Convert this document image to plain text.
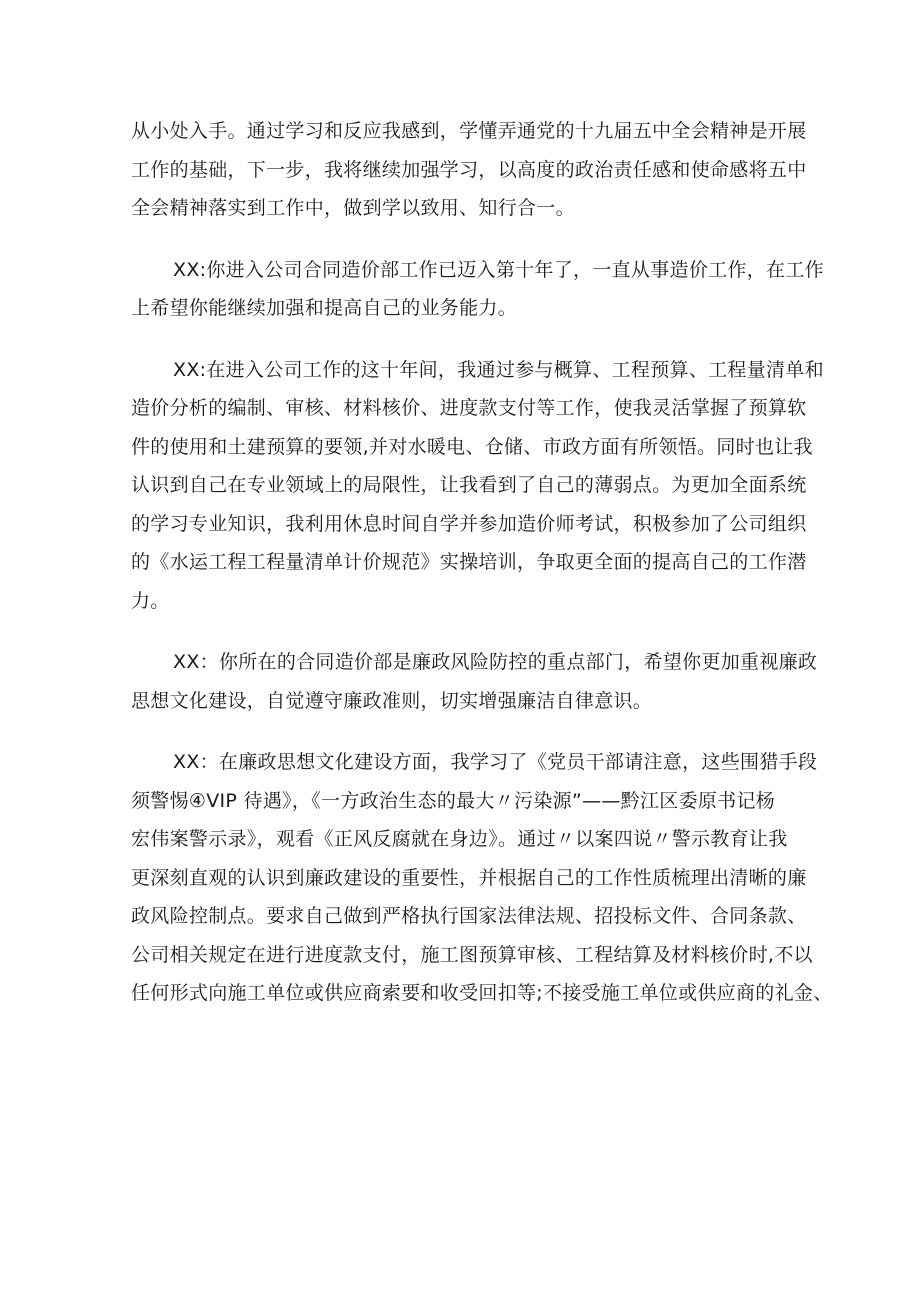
从小处入手。通过学习和反应我感到，学懂弄通党的十九届五中全会精神是开展
工作的基础，下一步，我将继续加强学习，以高度的政治责任感和使命感将五中
全会精神落实到工作中，做到学以致用、知行合一。

XX:你进入公司合同造价部工作已迈入第十年了，一直从事造价工作，在工作
上希望你能继续加强和提高自己的业务能力。

XX:在进入公司工作的这十年间，我通过参与概算、工程预算、工程量清单和
造价分析的编制、审核、材料核价、进度款支付等工作，使我灵活掌握了预算软
件的使用和土建预算的要领,并对水暖电、仓储、市政方面有所领悟。同时也让我
认识到自己在专业领域上的局限性，让我看到了自己的薄弱点。为更加全面系统
的学习专业知识，我利用休息时间自学并参加造价师考试，积极参加了公司组织
的《水运工程工程量清单计价规范》实操培训，争取更全面的提高自己的工作潜
力。

XX：你所在的合同造价部是廉政风险防控的重点部门，希望你更加重视廉政
思想文化建设，自觉遵守廉政准则，切实增强廉洁自律意识。

XX：在廉政思想文化建设方面，我学习了《党员干部请注意，这些围猎手段
须警惕④VIP 待遇》，《一方政治生态的最大〃污染源”——黔江区委原书记杨
宏伟案警示录》，观看《正风反腐就在身边》。通过〃以案四说〃警示教育让我
更深刻直观的认识到廉政建设的重要性，并根据自己的工作性质梳理出清晰的廉
政风险控制点。要求自己做到严格执行国家法律法规、招投标文件、合同条款、
公司相关规定在进行进度款支付，施工图预算审核、工程结算及材料核价时,不以
任何形式向施工单位或供应商索要和收受回扣等;不接受施工单位或供应商的礼金、
